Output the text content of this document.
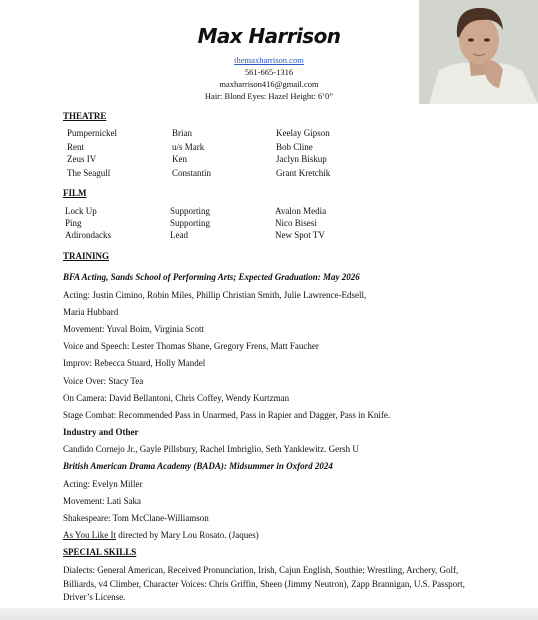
Max Harrison
themaxharrison.com
561-665-1316
maxharrison416@gmail.com
Hair: Blond Eyes: Hazel Height: 6’0”
THEATRE
Pumpernickel	Brian	Keelay Gipson
Rent	u/s Mark	Bob Cline
Zeus IV	Ken	Jaclyn Biskup
The Seagull	Constantin	Grant Kretchik
FILM
Lock Up	Supporting	Avalon Media
Ping	Supporting	Nico Bisesi
Adirondacks	Lead	New Spot TV
TRAINING
BFA Acting, Sands School of Performing Arts; Expected Graduation: May 2026
Acting: Justin Cimino, Robin Miles, Phillip Christian Smith, Julie Lawrence-Edsell,
Maria Hubbard
Movement: Yuval Boim, Virginia Scott
Voice and Speech: Lester Thomas Shane, Gregory Frens, Matt Faucher
Improv: Rebecca Stuard, Holly Mandel
Voice Over: Stacy Tea
On Camera: David Bellantoni, Chris Coffey, Wendy Kurtzman
Stage Combat: Recommended Pass in Unarmed, Pass in Rapier and Dagger, Pass in Knife.
Industry and Other
Candido Cornejo Jr., Gayle Pillsbury, Rachel Imbriglio, Seth Yanklewitz. Gersh U
British American Drama Academy (BADA): Midsummer in Oxford 2024
Acting: Evelyn Miller
Movement: Lati Saka
Shakespeare: Tom McClane-Williamson
As You Like It directed by Mary Lou Rosato. (Jaques)
SPECIAL SKILLS
Dialects: General American, Received Pronunciation, Irish, Cajun English, Southie; Wrestling, Archery, Golf, Billiards, v4 Climber, Character Voices: Chris Griffin, Sheen (Jimmy Neutron), Zapp Brannigan, U.S. Passport, Driver’s License.
